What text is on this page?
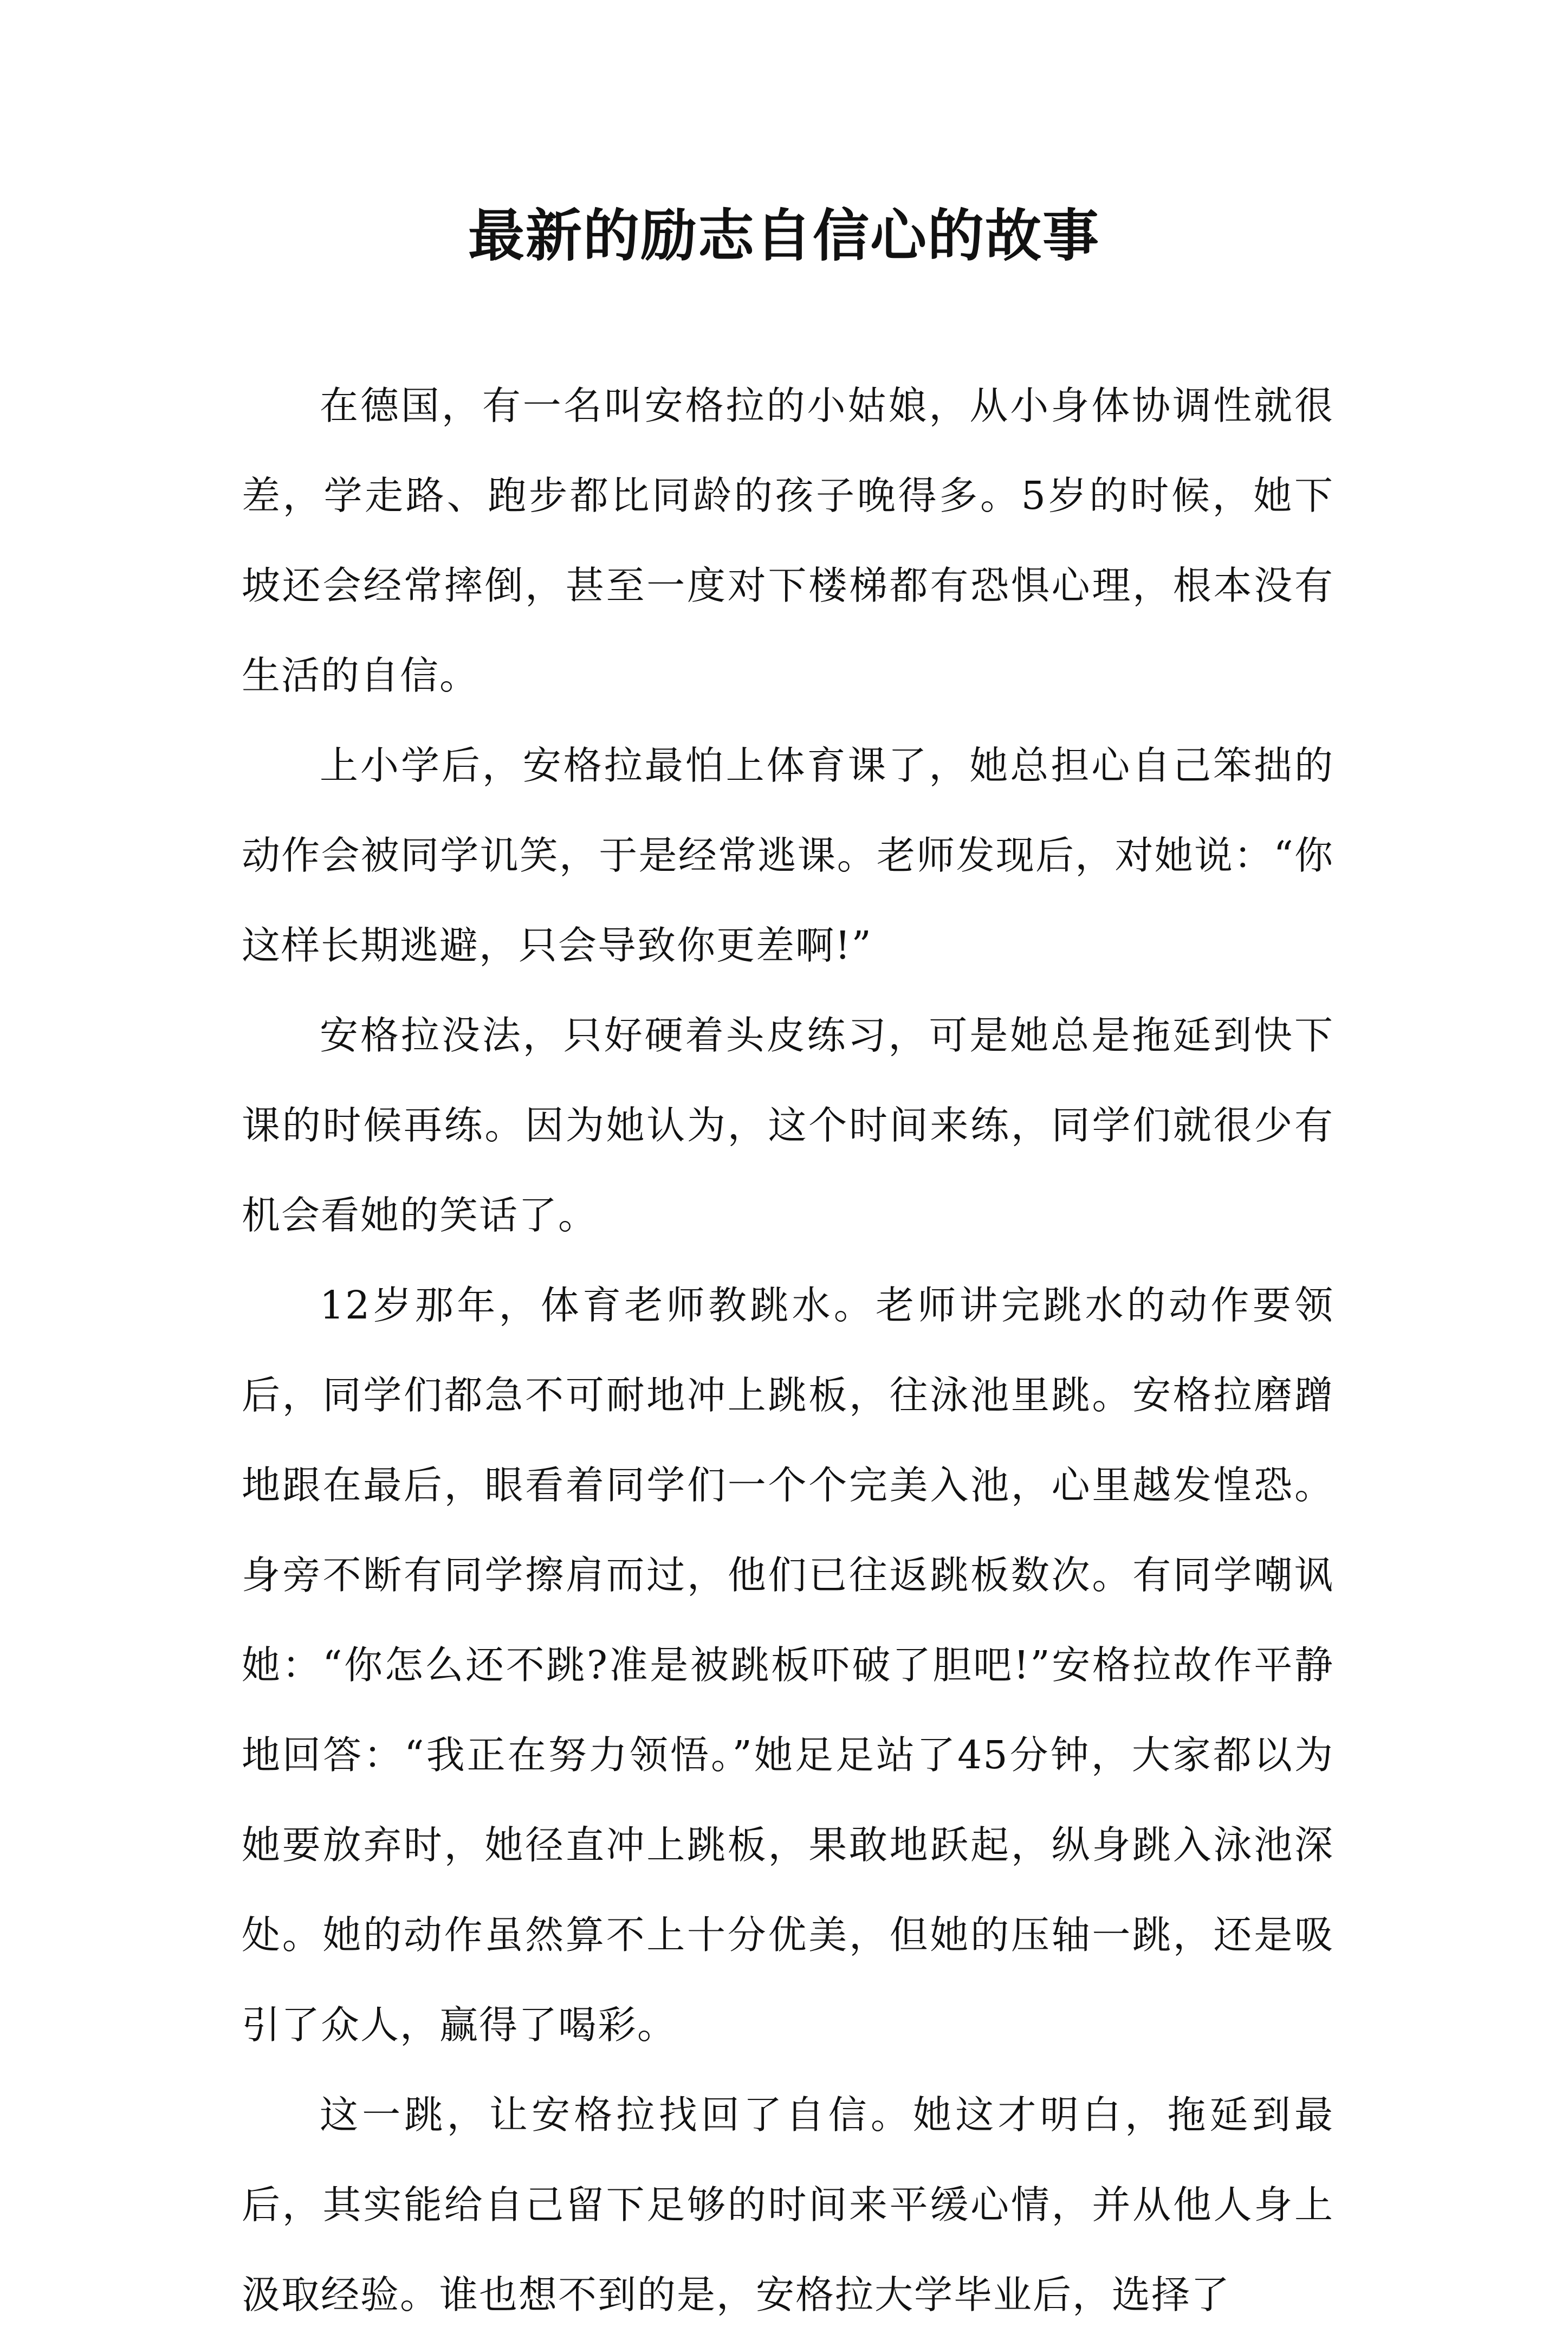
最新的励志自信心的故事

在德国，有一名叫安格拉的小姑娘，从小身体协调性就很差，学走路、跑步都比同龄的孩子晚得多。5岁的时候，她下坡还会经常摔倒，甚至一度对下楼梯都有恐惧心理，根本没有生活的自信。

上小学后，安格拉最怕上体育课了，她总担心自己笨拙的动作会被同学讥笑，于是经常逃课。老师发现后，对她说：“你这样长期逃避，只会导致你更差啊!”

安格拉没法，只好硬着头皮练习，可是她总是拖延到快下课的时候再练。因为她认为，这个时间来练，同学们就很少有机会看她的笑话了。

12岁那年，体育老师教跳水。老师讲完跳水的动作要领后，同学们都急不可耐地冲上跳板，往泳池里跳。安格拉磨蹭地跟在最后，眼看着同学们一个个完美入池，心里越发惶恐。身旁不断有同学擦肩而过，他们已往返跳板数次。有同学嘲讽她：“你怎么还不跳?准是被跳板吓破了胆吧!”安格拉故作平静地回答：“我正在努力领悟。”她足足站了45分钟，大家都以为她要放弃时，她径直冲上跳板，果敢地跃起，纵身跳入泳池深处。她的动作虽然算不上十分优美，但她的压轴一跳，还是吸引了众人，赢得了喝彩。

这一跳，让安格拉找回了自信。她这才明白，拖延到最后，其实能给自己留下足够的时间来平缓心情，并从他人身上汲取经验。谁也想不到的是，安格拉大学毕业后，选择了
